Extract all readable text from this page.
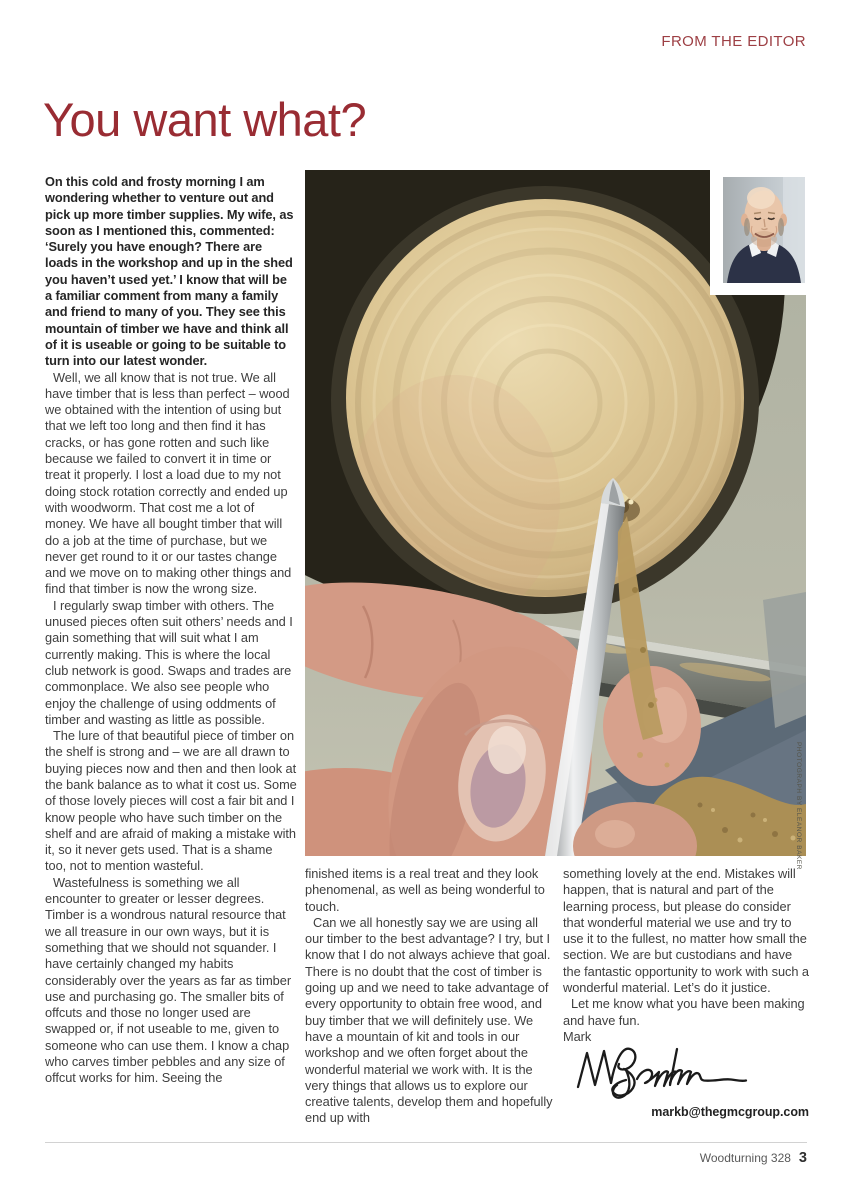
FROM THE EDITOR
You want what?

On this cold and frosty morning I am wondering whether to venture out and pick up more timber supplies. My wife, as soon as I mentioned this, commented: ‘Surely you have enough? There are loads in the workshop and up in the shed you haven’t used yet.’ I know that will be a familiar comment from many a family and friend to many of you. They see this mountain of timber we have and think all of it is useable or going to be suitable to turn into our latest wonder.

Well, we all know that is not true. We all have timber that is less than perfect – wood we obtained with the intention of using but that we left too long and then find it has cracks, or has gone rotten and such like because we failed to convert it in time or treat it properly. I lost a load due to my not doing stock rotation correctly and ended up with woodworm. That cost me a lot of money. We have all bought timber that will do a job at the time of purchase, but we never get round to it or our tastes change and we move on to making other things and find that timber is now the wrong size.

I regularly swap timber with others. The unused pieces often suit others’ needs and I gain something that will suit what I am currently making. This is where the local club network is good. Swaps and trades are commonplace. We also see people who enjoy the challenge of using oddments of timber and wasting as little as possible.

The lure of that beautiful piece of timber on the shelf is strong and – we are all drawn to buying pieces now and then and then look at the bank balance as to what it cost us. Some of those lovely pieces will cost a fair bit and I know people who have such timber on the shelf and are afraid of making a mistake with it, so it never gets used. That is a shame too, not to mention wasteful.

Wastefulness is something we all encounter to greater or lesser degrees. Timber is a wondrous natural resource that we all treasure in our own ways, but it is something that we should not squander. I have certainly changed my habits considerably over the years as far as timber use and purchasing go. The smaller bits of offcuts and those no longer used are swapped or, if not useable to me, given to someone who can use them. I know a chap who carves timber pebbles and any size of offcut works for him. Seeing the

PHOTOGRAPH BY ELEANOR BAKER

finished items is a real treat and they look phenomenal, as well as being wonderful to touch.

Can we all honestly say we are using all our timber to the best advantage? I try, but I know that I do not always achieve that goal. There is no doubt that the cost of timber is going up and we need to take advantage of every opportunity to obtain free wood, and buy timber that we will definitely use. We have a mountain of kit and tools in our workshop and we often forget about the wonderful material we work with. It is the very things that allows us to explore our creative talents, develop them and hopefully end up with

something lovely at the end. Mistakes will happen, that is natural and part of the learning process, but please do consider that wonderful material we use and try to use it to the fullest, no matter how small the section. We are but custodians and have the fantastic opportunity to work with such a wonderful material. Let’s do it justice.

Let me know what you have been making and have fun.

Mark

markb@thegmcgroup.com

Woodturning 328 3
